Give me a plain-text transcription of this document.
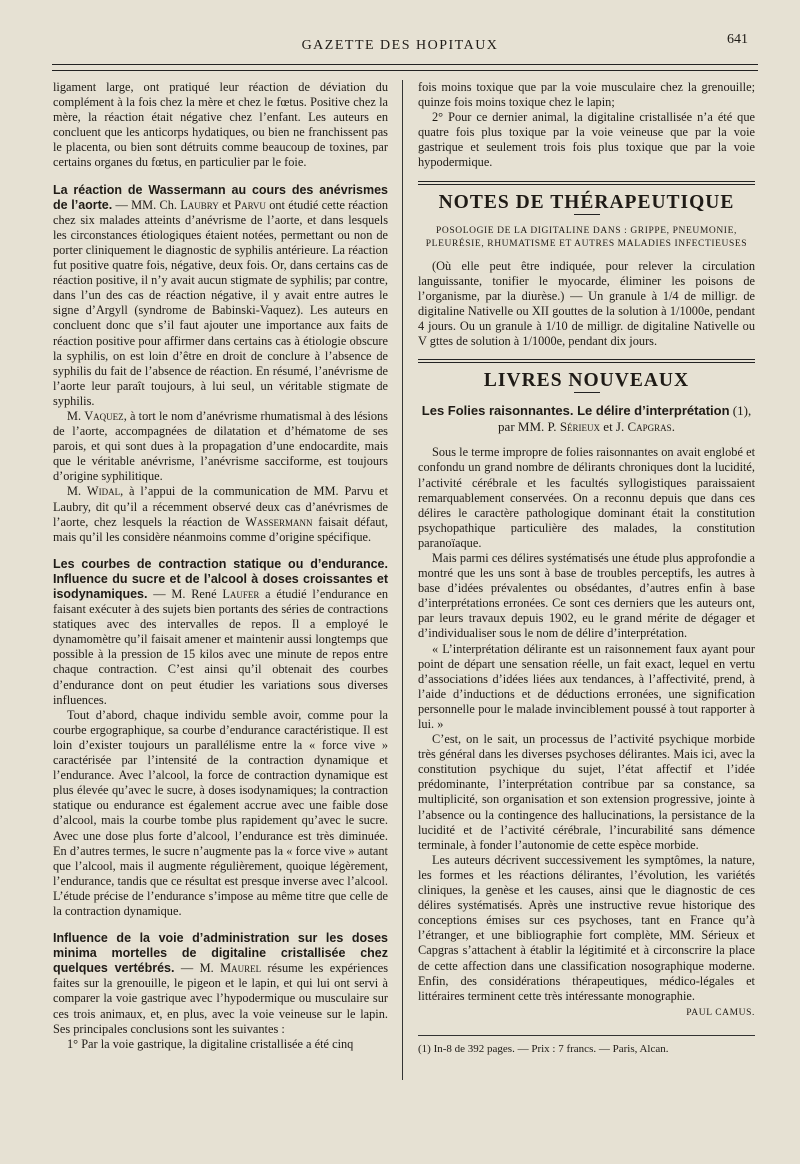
GAZETTE DES HOPITAUX	641

ligament large, ont pratiqué leur réaction de déviation du complément à la fois chez la mère et chez le fœtus. Positive chez la mère, la réaction était négative chez l’enfant. Les auteurs en concluent que les anticorps hydatiques, ou bien ne franchissent pas le placenta, ou bien sont détruits comme beaucoup de toxines, par certains organes du fœtus, en particulier par le foie.

La réaction de Wassermann au cours des anévrismes de l’aorte. — MM. Ch. Laubry et Parvu ont étudié cette réaction chez six malades atteints d’anévrisme de l’aorte, et dans lesquels les circonstances étiologiques étaient notées, permettant ou non de porter cliniquement le diagnostic de syphilis antérieure. La réaction fut positive quatre fois, négative, deux fois. Or, dans certains cas de réaction positive, il n’y avait aucun stigmate de syphilis; par contre, dans l’un des cas de réaction négative, il y avait entre autres le signe d’Argyll (syndrome de Babinski-Vaquez). Les auteurs en concluent donc que s’il faut ajouter une importance aux faits de réaction positive pour affirmer dans certains cas à étiologie obscure la syphilis, on est loin d’être en droit de conclure à l’absence de syphilis du fait de l’absence de réaction. En résumé, l’anévrisme de l’aorte leur paraît toujours, à lui seul, un véritable stigmate de syphilis.

M. Vaquez, à tort le nom d’anévrisme rhumatismal à des lésions de l’aorte, accompagnées de dilatation et d’hématome de ses parois, et qui sont dues à la propagation d’une endocardite, mais que le véritable anévrisme, l’anévrisme sacciforme, est toujours d’origine syphilitique.

M. Widal, à l’appui de la communication de MM. Parvu et Laubry, dit qu’il a récemment observé deux cas d’anévrismes de l’aorte, chez lesquels la réaction de Wassermann faisait défaut, mais qu’il les considère néanmoins comme d’origine spécifique.

Les courbes de contraction statique ou d’endurance. Influence du sucre et de l’alcool à doses croissantes et isodynamiques. — M. René Laufer a étudié l’endurance en faisant exécuter à des sujets bien portants des séries de contractions statiques avec des intervalles de repos. Il a employé le dynamomètre qu’il faisait amener et maintenir aussi longtemps que possible à la pression de 15 kilos avec une minute de repos entre chaque contraction. C’est ainsi qu’il obtenait des courbes d’endurance dont on peut étudier les variations sous diverses influences.

Tout d’abord, chaque individu semble avoir, comme pour la courbe ergographique, sa courbe d’endurance caractéristique. Il est loin d’exister toujours un parallélisme entre la « force vive » caractérisée par l’intensité de la contraction dynamique et l’endurance. Avec l’alcool, la force de contraction dynamique est plus élevée qu’avec le sucre, à doses isodynamiques; la contraction statique ou endurance est également accrue avec une faible dose d’alcool, mais la courbe tombe plus rapidement qu’avec le sucre. Avec une dose plus forte d’alcool, l’endurance est très diminuée. En d’autres termes, le sucre n’augmente pas la « force vive » autant que l’alcool, mais il augmente régulièrement, quoique légèrement, l’endurance, tandis que ce résultat est presque inverse avec l’alcool. L’étude précise de l’endurance s’impose au même titre que celle de la contraction dynamique.

Influence de la voie d’administration sur les doses minima mortelles de digitaline cristallisée chez quelques vertébrés. — M. Maurel résume les expériences faites sur la grenouille, le pigeon et le lapin, et qui lui ont servi à comparer la voie gastrique avec l’hypodermique ou musculaire sur ces trois animaux, et, en plus, avec la voie veineuse sur le lapin. Ses principales conclusions sont les suivantes :

1° Par la voie gastrique, la digitaline cristallisée a été cinq

fois moins toxique que par la voie musculaire chez la grenouille; quinze fois moins toxique chez le lapin;

2° Pour ce dernier animal, la digitaline cristallisée n’a été que quatre fois plus toxique par la voie veineuse que par la voie gastrique et seulement trois fois plus toxique que par la voie hypodermique.

NOTES DE THÉRAPEUTIQUE
POSOLOGIE DE LA DIGITALINE DANS : GRIPPE, PNEUMONIE, PLEURÉSIE, RHUMATISME ET AUTRES MALADIES INFECTIEUSES

(Où elle peut être indiquée, pour relever la circulation languissante, tonifier le myocarde, éliminer les poisons de l’organisme, par la diurèse.) — Un granule à 1/4 de milligr. de digitaline Nativelle ou XII gouttes de la solution à 1/1000e, pendant 4 jours. Ou un granule à 1/10 de milligr. de digitaline Nativelle ou V gttes de solution à 1/1000e, pendant dix jours.

LIVRES NOUVEAUX
Les Folies raisonnantes. Le délire d’interprétation (1),
par MM. P. Sérieux et J. Capgras.

Sous le terme impropre de folies raisonnantes on avait englobé et confondu un grand nombre de délirants chroniques dont la lucidité, l’activité cérébrale et les facultés syllogistiques paraissaient remarquablement conservées. On a reconnu depuis que dans ces délires le caractère pathologique dominant était la constitution psychopathique particulière des malades, la constitution paranoïaque.

Mais parmi ces délires systématisés une étude plus approfondie a montré que les uns sont à base de troubles perceptifs, les autres à base d’idées prévalentes ou obsédantes, d’autres enfin à base d’interprétations erronées. Ce sont ces derniers que les auteurs ont, par leurs travaux depuis 1902, eu le grand mérite de dégager et d’individualiser sous le nom de délire d’interprétation.

« L’interprétation délirante est un raisonnement faux ayant pour point de départ une sensation réelle, un fait exact, lequel en vertu d’associations d’idées liées aux tendances, à l’affectivité, prend, à l’aide d’inductions et de déductions erronées, une signification personnelle pour le malade invinciblement poussé à tout rapporter à lui. »

C’est, on le sait, un processus de l’activité psychique morbide très général dans les diverses psychoses délirantes. Mais ici, avec la constitution psychique du sujet, l’état affectif et l’idée prédominante, l’interprétation contribue par sa constance, sa multiplicité, son organisation et son extension progressive, jointe à l’absence ou la contingence des hallucinations, la persistance de la lucidité et de l’activité cérébrale, l’incurabilité sans démence terminale, à fonder l’autonomie de cette espèce morbide.

Les auteurs décrivent successivement les symptômes, la nature, les formes et les réactions délirantes, l’évolution, les variétés cliniques, la genèse et les causes, ainsi que le diagnostic de ces délires systématisés. Après une instructive revue historique des conceptions émises sur ces psychoses, tant en France qu’à l’étranger, et une bibliographie fort complète, MM. Sérieux et Capgras s’attachent à établir la légitimité et à circonscrire la place de cette affection dans une classification nosographique moderne. Enfin, des considérations thérapeutiques, médico-légales et littéraires terminent cette très intéressante monographie.

PAUL CAMUS.

(1) In-8 de 392 pages. — Prix : 7 francs. — Paris, Alcan.
